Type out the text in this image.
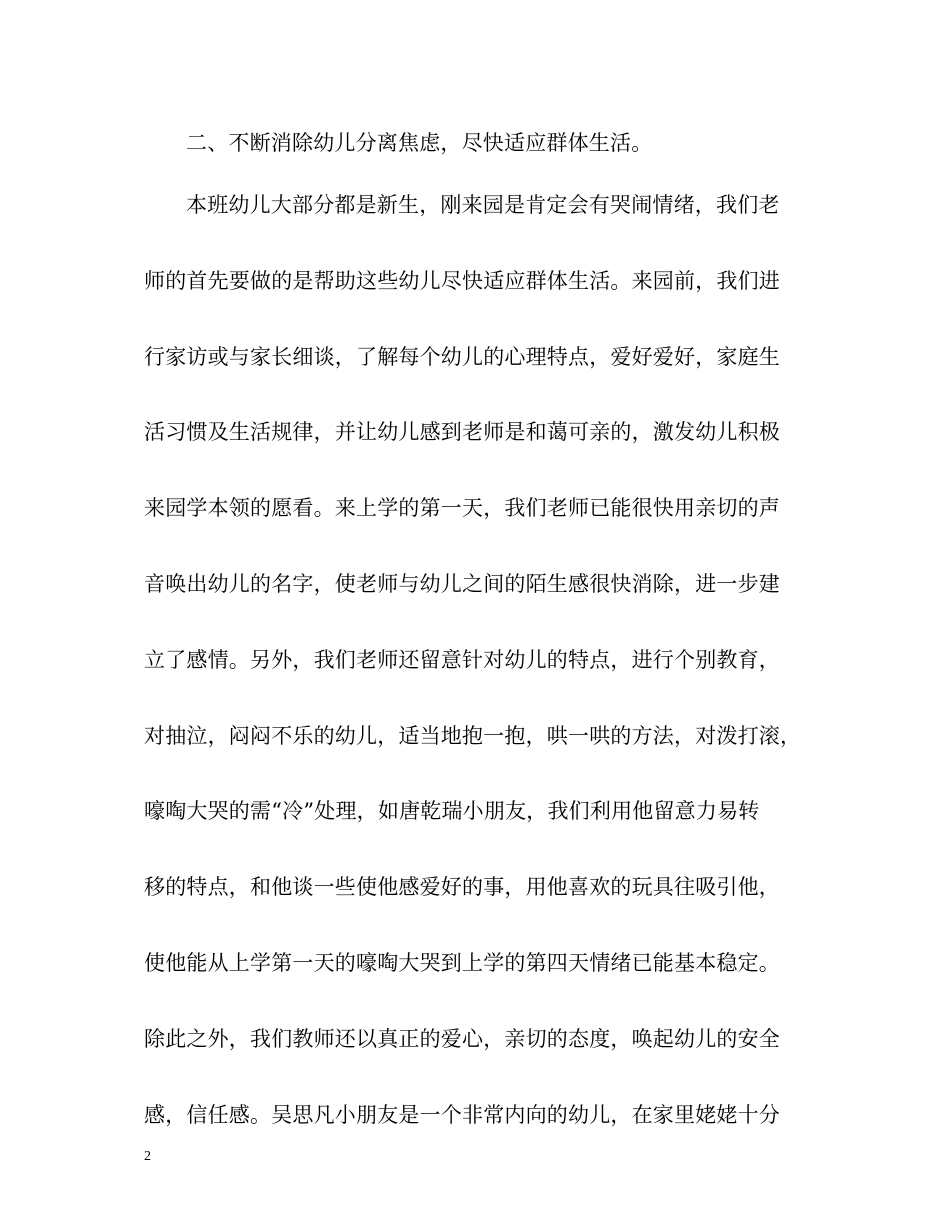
二、不断消除幼儿分离焦虑，尽快适应群体生活。
本班幼儿大部分都是新生，刚来园是肯定会有哭闹情绪，我们老
师的首先要做的是帮助这些幼儿尽快适应群体生活。来园前，我们进
行家访或与家长细谈，了解每个幼儿的心理特点，爱好爱好，家庭生
活习惯及生活规律，并让幼儿感到老师是和蔼可亲的，激发幼儿积极
来园学本领的愿看。来上学的第一天，我们老师已能很快用亲切的声
音唤出幼儿的名字，使老师与幼儿之间的陌生感很快消除，进一步建
立了感情。另外，我们老师还留意针对幼儿的特点，进行个别教育，
对抽泣，闷闷不乐的幼儿，适当地抱一抱，哄一哄的方法，对泼打滚，
嚎啕大哭的需“冷”处理，如唐乾瑞小朋友，我们利用他留意力易转
移的特点，和他谈一些使他感爱好的事，用他喜欢的玩具往吸引他，
使他能从上学第一天的嚎啕大哭到上学的第四天情绪已能基本稳定。
除此之外，我们教师还以真正的爱心，亲切的态度，唤起幼儿的安全
感，信任感。吴思凡小朋友是一个非常内向的幼儿，在家里姥姥十分
2
